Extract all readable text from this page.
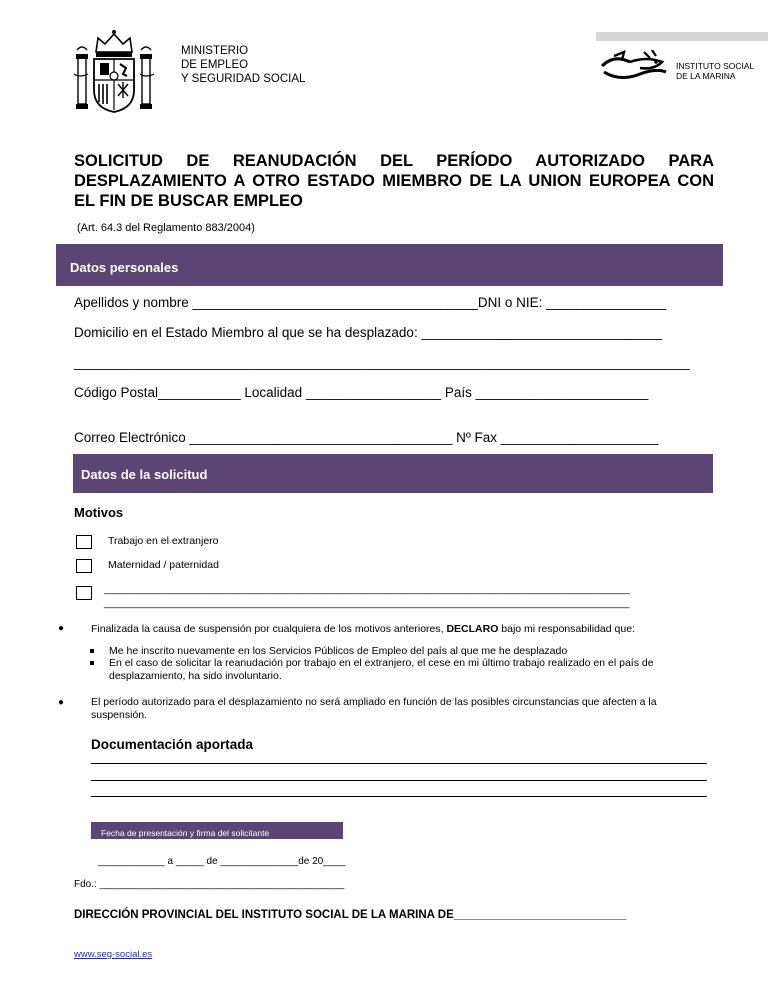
MINISTERIO
DE EMPLEO
Y SEGURIDAD SOCIAL
INSTITUTO SOCIAL
DE LA MARINA
SOLICITUD DE REANUDACIÓN DEL PERÍODO AUTORIZADO PARA DESPLAZAMIENTO A OTRO ESTADO MIEMBRO DE LA UNION EUROPEA CON EL FIN DE BUSCAR EMPLEO
(Art. 64.3 del Reglamento 883/2004)
Datos personales
Apellidos y nombre ______________________________________DNI o NIE: ________________
Domicilio en el Estado Miembro al que se ha desplazado: ________________________________
__________________________________________________________________________________
Código Postal___________ Localidad __________________ País _______________________
Correo Electrónico ___________________________________ Nº Fax _____________________
Datos de la solicitud
Motivos
Trabajo en el extranjero
Maternidad / paternidad
__________________________________________________________________________________________
__________________________________________________________________________________________
●	Finalizada la causa de suspensión por cualquiera de los motivos anteriores, DECLARO bajo mi responsabilidad que:
Me he inscrito nuevamente en los Servicios Públicos de Empleo del país al que me he desplazado
En el caso de solicitar la reanudación por trabajo en el extranjero, el cese en mi último trabajo realizado en el país de desplazamiento, ha sido involuntario.
●	El período autorizado para el desplazamiento no será ampliado en función de las posibles circunstancias que afecten a la suspensión.
Documentación aportada
Fecha de presentación y firma del solicitante
____________ a _____ de ______________de 20____
Fdo.: ____________________________________________
DIRECCIÓN PROVINCIAL DEL INSTITUTO SOCIAL DE LA MARINA DE___________________________
www.seg-social.es
